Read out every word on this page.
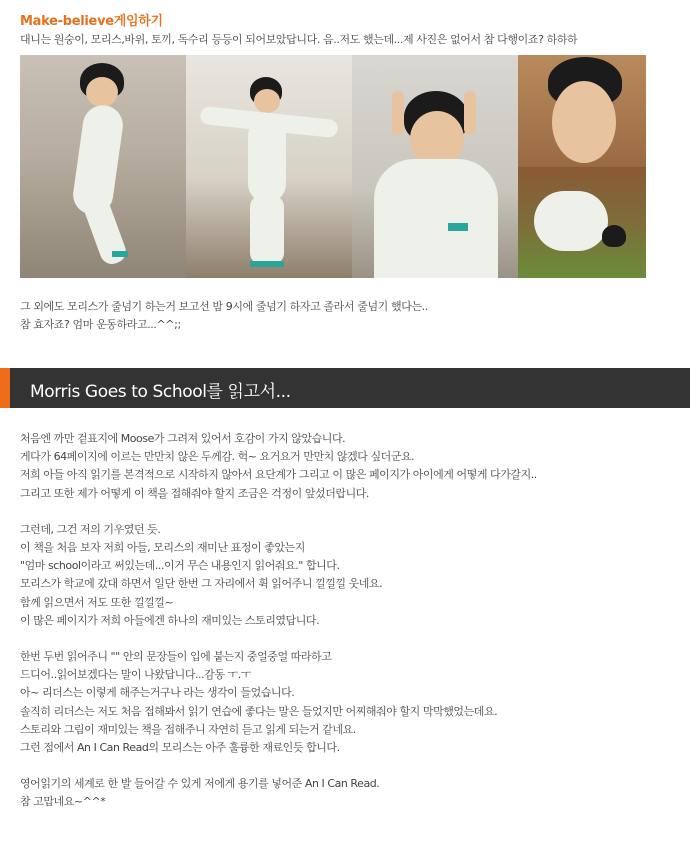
Make-believe게임하기
대니는 원숭이, 모리스,바위, 토끼, 독수리 등등이 되어보았답니다. 음..저도 했는데...제 사진은 없어서 참 다행이죠? 하하하
그 외에도 모리스가 줄넘기 하는거 보고선 밤 9시에 줄넘기 하자고 졸라서 줄넘기 했다는..
참 효자죠? 엄마 운동하라고...^^;;
Morris Goes to School를 읽고서...

처음엔 까만 겉표지에 Moose가 그려져 있어서 호감이 가지 않았습니다.

게다가 64페이지에 이르는 만만치 않은 두께감. 헉~ 요거요거 만만치 않겠다 싶더군요.

저희 아들 아직 읽기를 본격적으로 시작하지 않아서 요단계가 그리고 이 많은 페이지가 아이에게 어떻게 다가갈지..

그리고 또한 제가 어떻게 이 책을 접해줘야 할지 조금은 걱정이 앞섰더랍니다.

그런데, 그건 저의 기우였던 듯.

이 책을 처음 보자 저희 아들, 모리스의 재미난 표정이 좋았는지

"엄마 school이라고 써있는데...이거 무슨 내용인지 읽어줘요." 합니다.

모리스가 학교에 갔대 하면서 일단 한번 그 자리에서 휙 읽어주니 낄낄낄 웃네요.

함께 읽으면서 저도 또한 낄낄낄~

이 많은 페이지가 저희 아들에겐 하나의 재미있는 스토리였답니다.

한번 두번 읽어주니 "" 안의 문장들이 입에 붙는지 중얼중얼 따라하고

드디어..읽어보겠다는 말이 나왔답니다...감동 ㅜ.ㅜ

아~ 리더스는 이렇게 해주는거구나 라는 생각이 들었습니다.

솔직히 리더스는 저도 처음 접해봐서 읽기 연습에 좋다는 말은 들었지만 어찌해줘야 할지 막막했었는데요.

스토리와 그림이 재미있는 책을 접해주니 자연히 듣고 읽게 되는거 같네요.

그런 점에서 An I Can Read의 모리스는 아주 훌륭한 재료인듯 합니다.

영어읽기의 세계로 한 발 들어갈 수 있게 저에게 용기를 넣어준 An I Can Read.

참 고맙네요~^^*
